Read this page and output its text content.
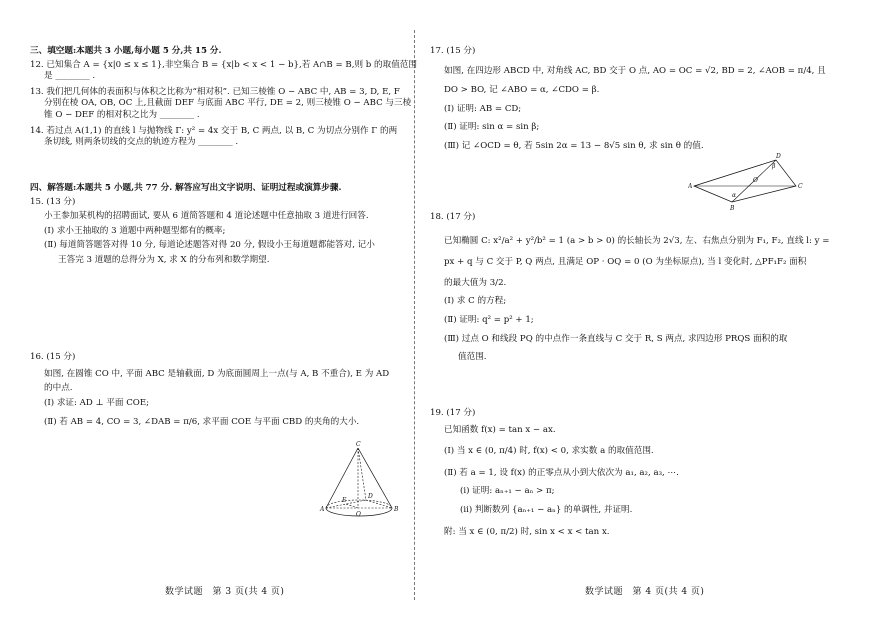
三、填空题:本题共 3 小题,每小题 5 分,共 15 分.
12. 已知集合 A = {x|0 ≤ x ≤ 1},非空集合 B = {x|b < x < 1 − b},若 A∩B = B,则 b 的取值范围
是 ________ .
13. 我们把几何体的表面积与体积之比称为“相对积”. 已知三棱锥 O − ABC 中, AB = 3, D, E, F
分别在棱 OA, OB, OC 上,且截面 DEF 与底面 ABC 平行, DE = 2, 则三棱锥 O − ABC 与三棱
锥 O − DEF 的相对积之比为 ________ .
14. 若过点 A(1,1) 的直线 l 与抛物线 Γ: y² = 4x 交于 B, C 两点, 以 B, C 为切点分别作 Γ 的两
条切线, 则两条切线的交点的轨迹方程为 ________ .
四、解答题:本题共 5 小题,共 77 分. 解答应写出文字说明、证明过程或演算步骤.
15. (13 分)
小王参加某机构的招聘面试, 要从 6 道简答题和 4 道论述题中任意抽取 3 道进行回答.
(Ⅰ) 求小王抽取的 3 道题中两种题型都有的概率;
(Ⅱ) 每道简答题答对得 10 分, 每道论述题答对得 20 分, 假设小王每道题都能答对, 记小
王答完 3 道题的总得分为 X, 求 X 的分布列和数学期望.
16. (15 分)
如图, 在圆锥 CO 中, 平面 ABC 是轴截面, D 为底面圆周上一点(与 A, B 不重合), E 为 AD
的中点.
(Ⅰ) 求证: AD ⊥ 平面 COE;
(Ⅱ) 若 AB = 4, CO = 3, ∠DAB = π/6, 求平面 COE 与平面 CBD 的夹角的大小.
C
A	B
O
D
E
数学试题　第 3 页(共 4 页)
17. (15 分)
如图, 在四边形 ABCD 中, 对角线 AC, BD 交于 O 点, AO = OC = √2, BD = 2, ∠AOB = π/4, 且
DO > BO, 记 ∠ABO = α, ∠CDO = β.
(Ⅰ) 证明: AB = CD;
(Ⅱ) 证明: sin α = sin β;
(Ⅲ) 记 ∠OCD = θ, 若 5sin 2α = 13 − 8√5 sin θ, 求 sin θ 的值.
A
B
C
D
O
α
β
18. (17 分)
已知椭圆 C: x²/a² + y²/b² = 1 (a > b > 0) 的长轴长为 2√3, 左、右焦点分别为 F₁, F₂, 直线 l: y =
px + q 与 C 交于 P, Q 两点, 且满足 OP · OQ = 0 (O 为坐标原点), 当 l 变化时, △PF₁F₂ 面积
的最大值为 3/2.
(Ⅰ) 求 C 的方程;
(Ⅱ) 证明: q² = p² + 1;
(Ⅲ) 过点 O 和线段 PQ 的中点作一条直线与 C 交于 R, S 两点, 求四边形 PRQS 面积的取
值范围.
19. (17 分)
已知函数 f(x) = tan x − ax.
(Ⅰ) 当 x ∈ (0, π/4) 时, f(x) < 0, 求实数 a 的取值范围.
(Ⅱ) 若 a = 1, 设 f(x) 的正零点从小到大依次为 a₁, a₂, a₃, ⋯.
(ⅰ) 证明: aₙ₊₁ − aₙ > π;
(ⅱ) 判断数列 {aₙ₊₁ − aₙ} 的单调性, 并证明.
附: 当 x ∈ (0, π/2) 时, sin x < x < tan x.
数学试题　第 4 页(共 4 页)
